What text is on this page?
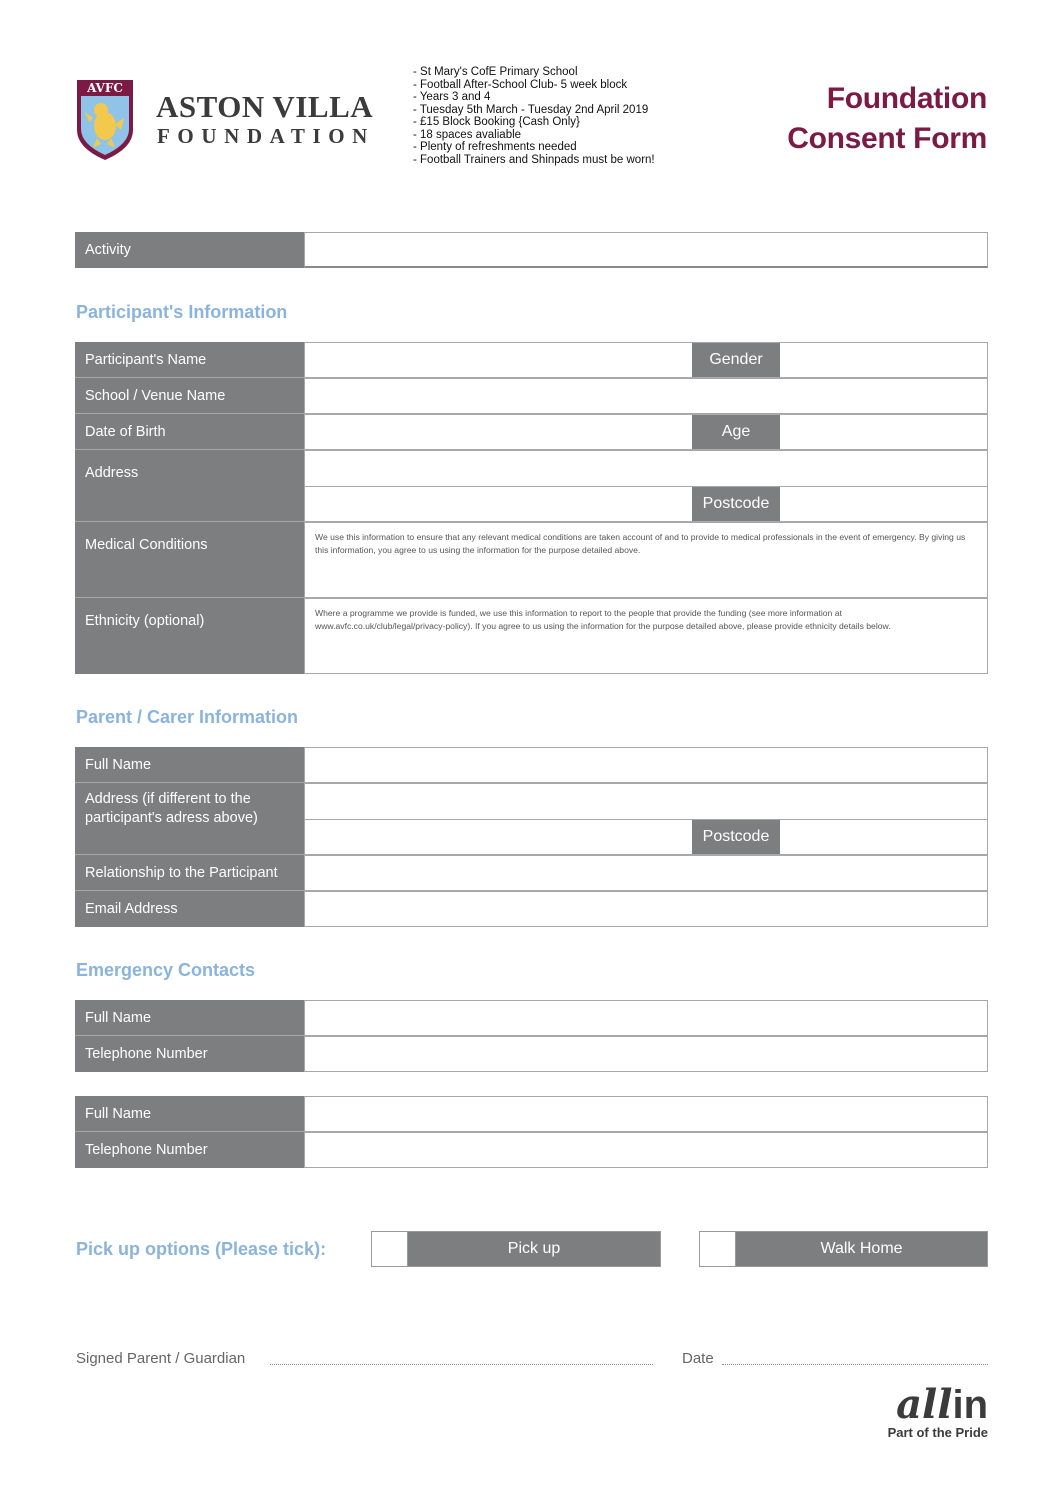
AVFC
ASTON VILLA
FOUNDATION
- St Mary's CofE Primary School
- Football After-School Club- 5 week block
- Years 3 and 4
- Tuesday 5th March - Tuesday 2nd April 2019
- £15 Block Booking {Cash Only}
- 18 spaces avaliable
- Plenty of refreshments needed
- Football Trainers and Shinpads must be worn!
Foundation
Consent Form
Activity
Participant's Information
Participant's Name	Gender
School / Venue Name
Date of Birth	Age
Address
Postcode
Medical Conditions	We use this information to ensure that any relevant medical conditions are taken account of and to provide to medical professionals in the event of emergency. By giving us this information, you agree to us using the information for the purpose detailed above.
Ethnicity (optional)	Where a programme we provide is funded, we use this information to report to the people that provide the funding (see more information at www.avfc.co.uk/club/legal/privacy-policy). If you agree to us using the information for the purpose detailed above, please provide ethnicity details below.
Parent / Carer Information
Full Name
Address (if different to the participant's adress above)
Postcode
Relationship to the Participant
Email Address
Emergency Contacts
Full Name
Telephone Number
Full Name
Telephone Number
Pick up options (Please tick):	Pick up	Walk Home
Signed Parent / Guardian	Date
allin
Part of the Pride
